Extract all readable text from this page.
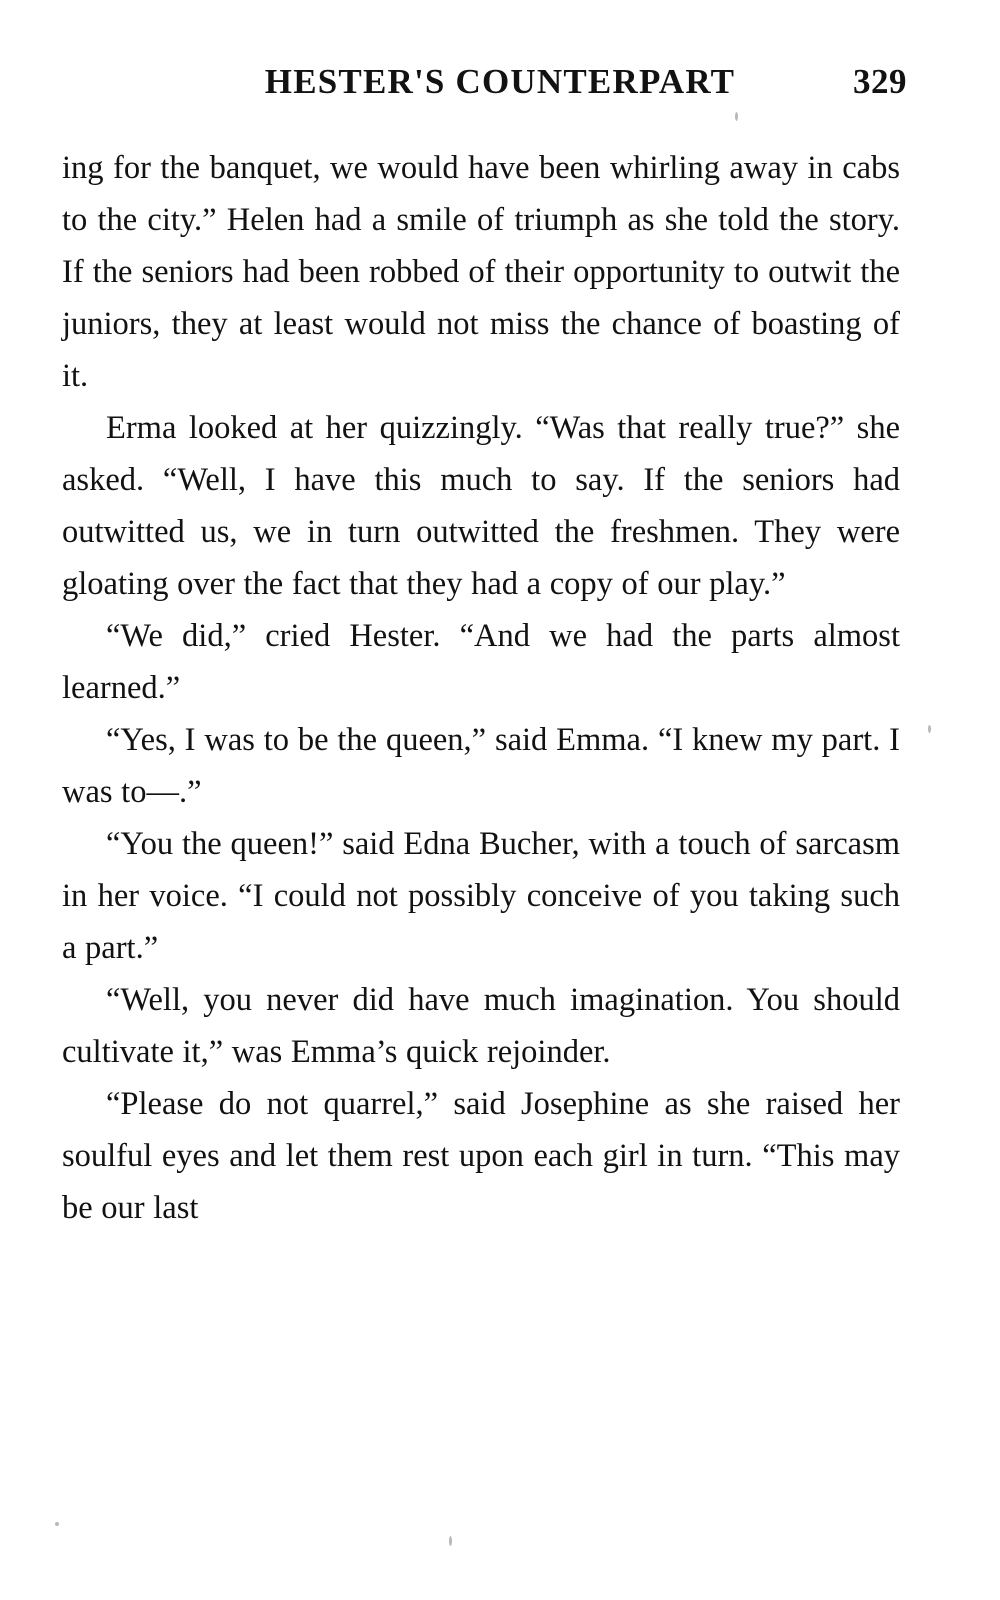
HESTER'S COUNTERPART	329

ing for the banquet, we would have been whirling away in cabs to the city.” Helen had a smile of triumph as she told the story. If the seniors had been robbed of their opportunity to outwit the juniors, they at least would not miss the chance of boasting of it.

Erma looked at her quizzingly. “Was that really true?” she asked. “Well, I have this much to say. If the seniors had outwitted us, we in turn outwitted the freshmen. They were gloating over the fact that they had a copy of our play.”

“We did,” cried Hester. “And we had the parts almost learned.”

“Yes, I was to be the queen,” said Emma. “I knew my part. I was to—.”

“You the queen!” said Edna Bucher, with a touch of sarcasm in her voice. “I could not possibly conceive of you taking such a part.”

“Well, you never did have much imagination. You should cultivate it,” was Emma’s quick rejoinder.

“Please do not quarrel,” said Josephine as she raised her soulful eyes and let them rest upon each girl in turn. “This may be our last
